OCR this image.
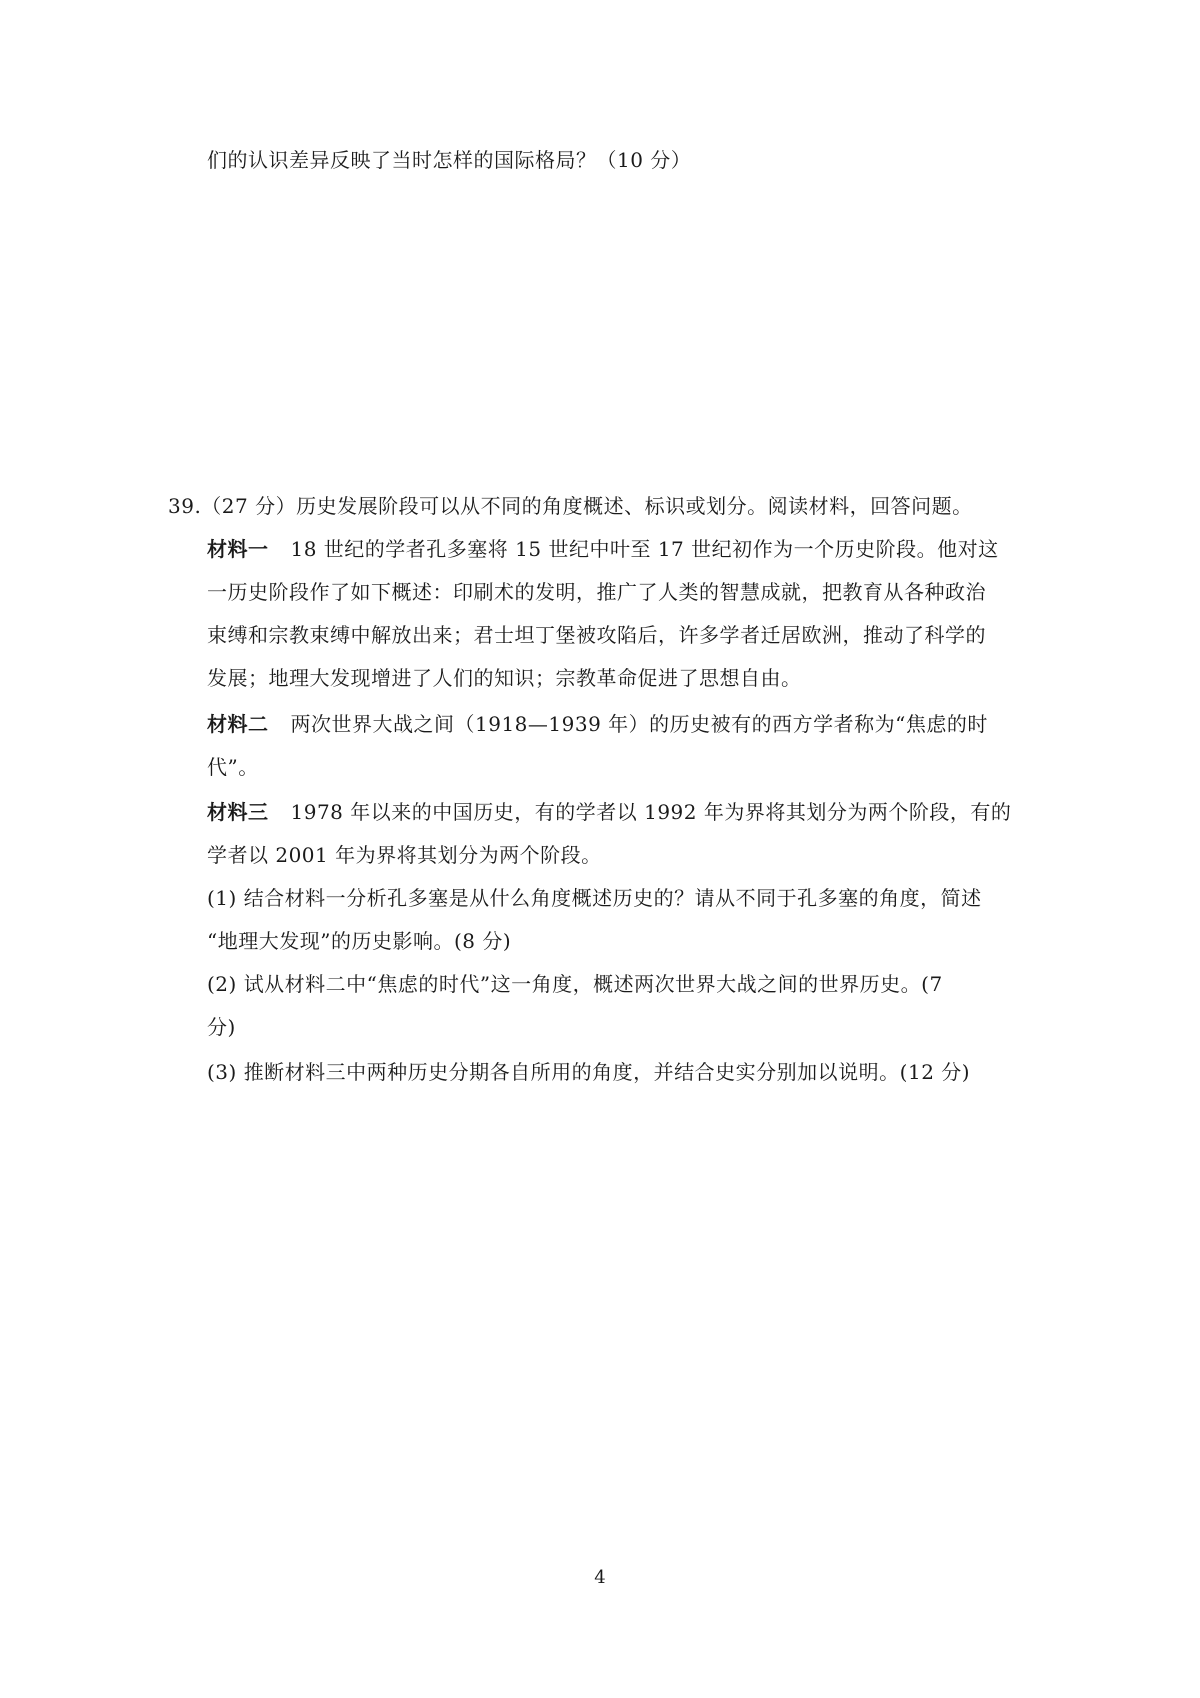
们的认识差异反映了当时怎样的国际格局？（10 分）
39.（27 分）历史发展阶段可以从不同的角度概述、标识或划分。阅读材料，回答问题。
材料一 18 世纪的学者孔多塞将 15 世纪中叶至 17 世纪初作为一个历史阶段。他对这
一历史阶段作了如下概述：印刷术的发明，推广了人类的智慧成就，把教育从各种政治
束缚和宗教束缚中解放出来；君士坦丁堡被攻陷后，许多学者迁居欧洲，推动了科学的
发展；地理大发现增进了人们的知识；宗教革命促进了思想自由。
材料二 两次世界大战之间（1918—1939 年）的历史被有的西方学者称为“焦虑的时
代”。
材料三 1978 年以来的中国历史，有的学者以 1992 年为界将其划分为两个阶段，有的
学者以 2001 年为界将其划分为两个阶段。
(1) 结合材料一分析孔多塞是从什么角度概述历史的？请从不同于孔多塞的角度，简述
“地理大发现”的历史影响。(8 分)
(2) 试从材料二中“焦虑的时代”这一角度，概述两次世界大战之间的世界历史。(7
分)
(3) 推断材料三中两种历史分期各自所用的角度，并结合史实分别加以说明。(12 分)
4
